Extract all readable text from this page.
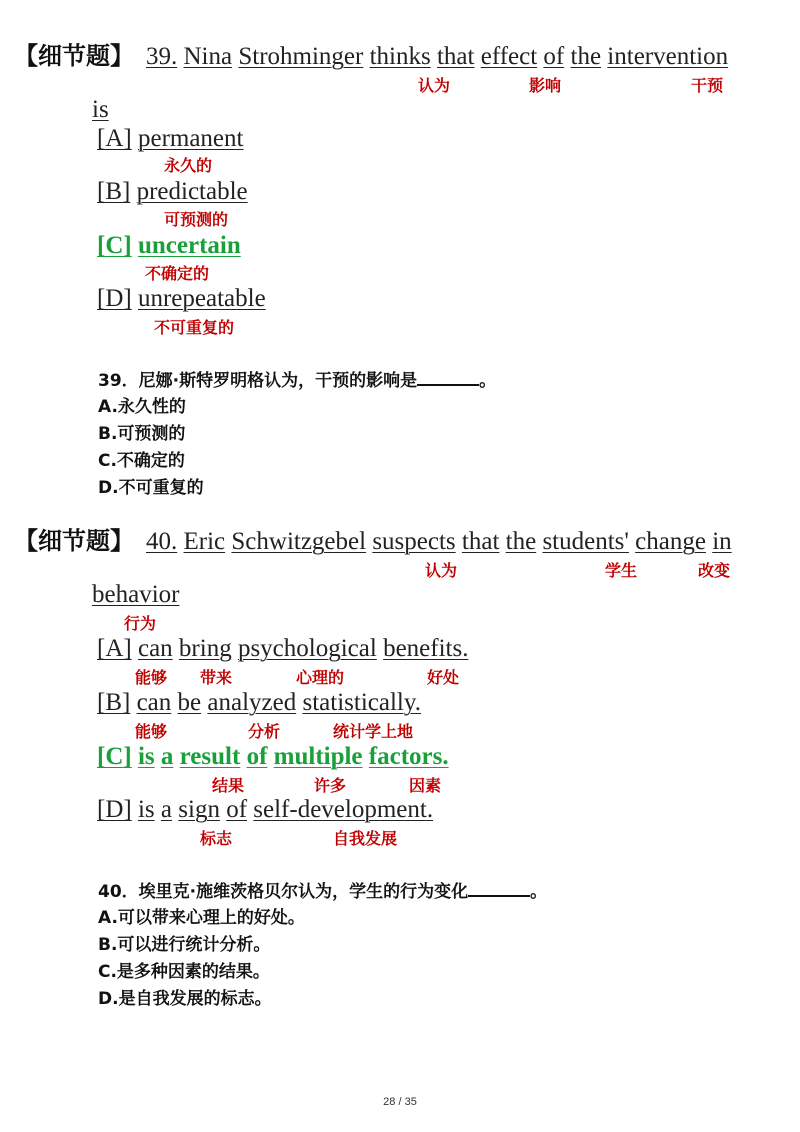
【细节题】 39. Nina Strohminger thinks that effect of the intervention
认为	影响	干预
is
[A] permanent
永久的
[B] predictable
可预测的
[C] uncertain
不确定的
[D] unrepeatable
不可重复的
39．尼娜·斯特罗明格认为，干预的影响是	。
A.永久性的
B.可预测的
C.不确定的
D.不可重复的
【细节题】 40. Eric Schwitzgebel suspects that the students' change in
认为	学生	改变
behavior
行为
[A] can bring psychological benefits.
能够 带来	心理的	好处
[B] can be analyzed statistically.
能够	分析	统计学上地
[C] is a result of multiple factors.
结果	许多	因素
[D] is a sign of self-development.
标志	自我发展
40．埃里克·施维茨格贝尔认为，学生的行为变化	。
A.可以带来心理上的好处。
B.可以进行统计分析。
C.是多种因素的结果。
D.是自我发展的标志。
28 / 35
